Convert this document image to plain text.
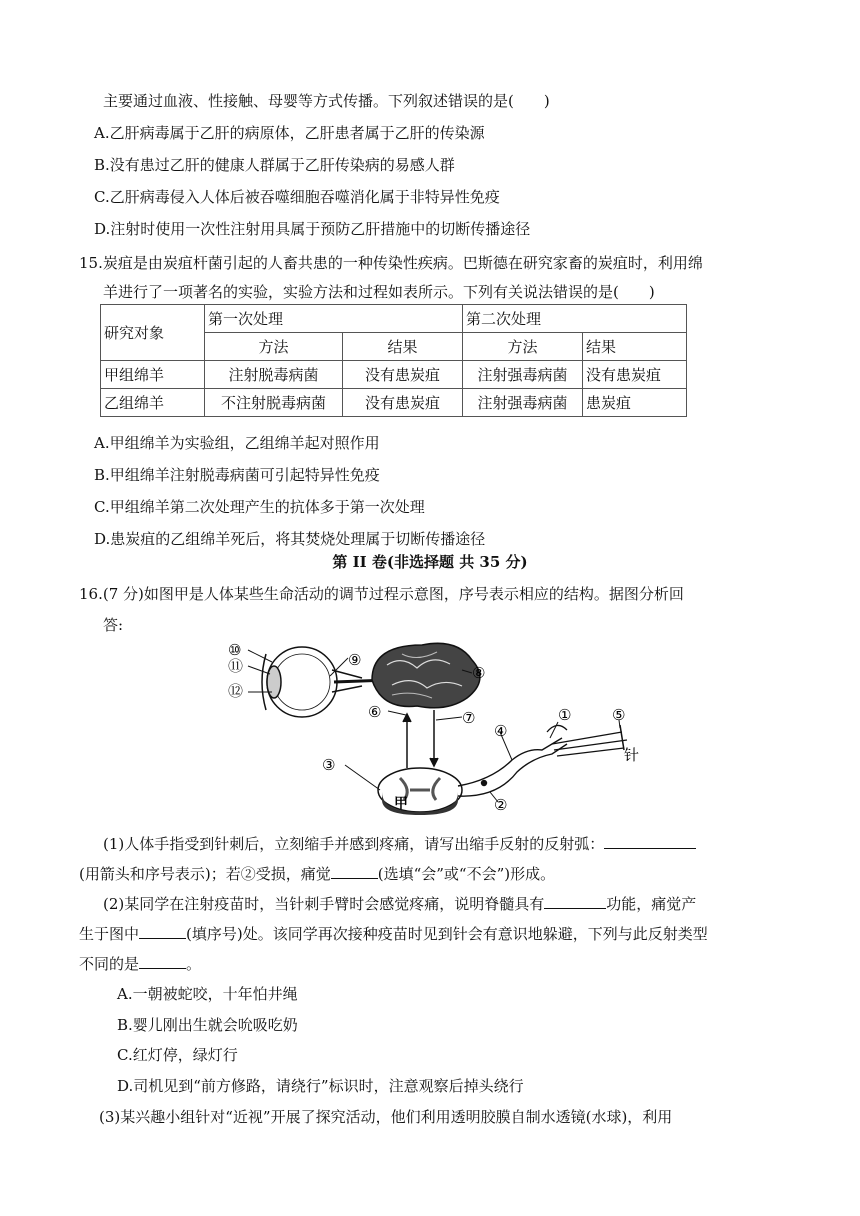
主要通过血液、性接触、母婴等方式传播。下列叙述错误的是(　　)
A.乙肝病毒属于乙肝的病原体，乙肝患者属于乙肝的传染源
B.没有患过乙肝的健康人群属于乙肝传染病的易感人群
C.乙肝病毒侵入人体后被吞噬细胞吞噬消化属于非特异性免疫
D.注射时使用一次性注射用具属于预防乙肝措施中的切断传播途径
15.炭疽是由炭疽杆菌引起的人畜共患的一种传染性疾病。巴斯德在研究家畜的炭疽时，利用绵
羊进行了一项著名的实验，实验方法和过程如表所示。下列有关说法错误的是(　　)
研究对象	第一次处理		第二次处理	
	方法	结果	方法	结果
甲组绵羊	注射脱毒病菌	没有患炭疽	注射强毒病菌	没有患炭疽
乙组绵羊	不注射脱毒病菌	没有患炭疽	注射强毒病菌	患炭疽
A.甲组绵羊为实验组，乙组绵羊起对照作用
B.甲组绵羊注射脱毒病菌可引起特异性免疫
C.甲组绵羊第二次处理产生的抗体多于第一次处理
D.患炭疽的乙组绵羊死后，将其焚烧处理属于切断传播途径
第 II 卷(非选择题 共 35 分)
16.(7 分)如图甲是人体某些生命活动的调节过程示意图，序号表示相应的结构。据图分析回
答:
⑩
⑪
⑫
⑨
⑧
⑥	⑦
④
①	⑤
③
②
针
甲
(1)人体手指受到针刺后，立刻缩手并感到疼痛，请写出缩手反射的反射弧：
(用箭头和序号表示)；若②受损，痛觉	(选填“会”或“不会”)形成。
(2)某同学在注射疫苗时，当针刺手臂时会感觉疼痛，说明脊髓具有	功能，痛觉产
生于图中	(填序号)处。该同学再次接种疫苗时见到针会有意识地躲避，下列与此反射类型
不同的是	。
A.一朝被蛇咬，十年怕井绳
B.婴儿刚出生就会吮吸吃奶
C.红灯停，绿灯行
D.司机见到“前方修路，请绕行”标识时，注意观察后掉头绕行
(3)某兴趣小组针对“近视”开展了探究活动，他们利用透明胶膜自制水透镜(水球)，利用
